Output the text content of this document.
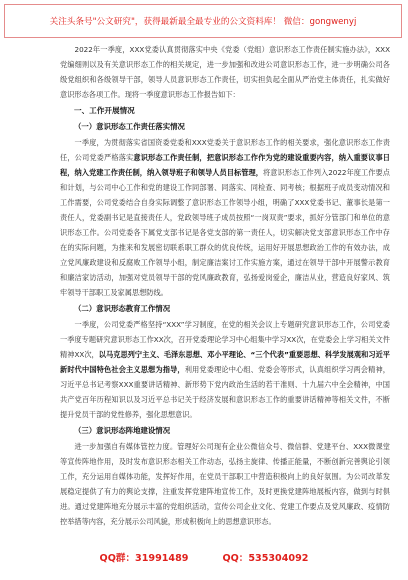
关注头条号"公文研究"，获得最新最全最专业的公文资料库！ 微信：gongwenyj

2022年一季度，XXX党委认真贯彻落实中央《党委（党组）意识形态工作责任制实施办法》，XXX党编细则以及有关意识形态工作的相关规定，进一步加强和改进公司意识形态工作，进一步明确公司各级党组织和各级领导干部，领导人员意识形态工作责任，切实担负起全面从严治党主体责任，扎实做好意识形态各项工作。现将一季度意识形态工作报告如下：

一、工作开展情况

（一）意识形态工作责任落实情况

一季度，为贯彻落实省国资委党委和XXX党委关于意识形态工作的相关要求，强化意识形态工作责任，公司党委严格落实意识形态工作责任制，把意识形态工作作为党的建设重要内容，纳入重要议事日程，纳入党建工作责任制，纳入领导班子和领导人员目标管理，将意识形态工作列入2022年度工作要点和计划，与公司中心工作和党的建设工作同部署、同落实、同检查、同考核；根据班子成员变动情况和工作需要，公司党委结合自身实际调整了意识形态工作领导小组，明确了XXX党委书记、董事长是第一责任人，党委副书记是直接责任人，党政领导班子成员按照“一岗双责”要求，抓好分管部门和单位的意识形态工作。公司党委各下属党支部书记是各党支部的第一责任人，切实解决党支部意识形态工作中存在的实际问题，为推来和发展密切联系职工群众的优良传统，运用好开展思想政治工作的有效办法，成立党风廉政建设和反腐败工作领导小组，制定廉洁案讨工作实施方案，通过在领导干部中开展警示教育和廉洁家访活动，加强对党员领导干部的党风廉政教育，弘扬爱岗爱企，廉洁从业，营造良好家风、筑牢领导干部职工及家属思想防线。

（二）意识形态教育工作情况

一季度，公司党委严格坚持“XXX”学习制度，在党的相关会议上专题研究意识形态工作，公司党委一季度专题研究意识形态工作XX次，召开党委理论学习中心组集中学习XX次，在党委会上学习相关文件精神XX次，以马克思列宁主义、毛泽东思想、邓小平理论、“三个代表”重要思想、科学发展观和习近平新时代中国特色社会主义思想为指导，利用党委理论中心组、党委会等形式，认真组织学习两会精神，习近平总书记考察XXX重要讲话精神、新形势下党内政治生活的若干准则、十九届六中全会精神，中国共产党百年历程知识以及习近平总书记关于经济发展和意识形态工作的重要讲话精神等相关文件，不断提升党员干部的党性修养，强化思想意识。

（三）意识形态阵地建设情况

进一步加强自有媒体管控力度。管理好公司现有企业公微信众号、微信群、党建平台、XXX微课堂等宣传阵地作用，及时发布意识形态相关工作动态，弘扬主旋律、传播正能量，不断创新完善舆论引领工作，充分运用自媒体功能，发挥好作用，在党员干部职工中营造积极向上的良好氛围。为公司改革发展稳定提供了有力的舆论支撑，注重发挥党建阵地宣传工作，及时更换党建阵地展板内容，做到与时俱进。通过党建阵地充分展示丰富的党组织活动，宣传公司企业文化、党建工作要点及党风廉政、疫情防控举措等内容，充分展示公司风貌，形成积极向上的思想意识形态。

QQ群：31991489	QQ：535304092
